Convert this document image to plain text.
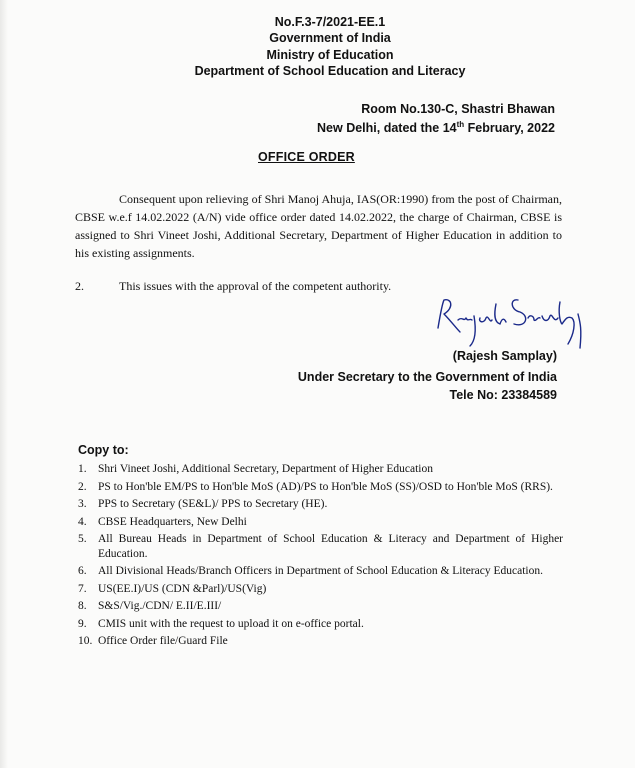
No.F.3-7/2021-EE.1
Government of India
Ministry of Education
Department of School Education and Literacy
Room No.130-C, Shastri Bhawan
New Delhi, dated the 14th February, 2022
OFFICE ORDER
Consequent upon relieving of Shri Manoj Ahuja, IAS(OR:1990) from the post of Chairman, CBSE w.e.f 14.02.2022 (A/N) vide office order dated 14.02.2022, the charge of Chairman, CBSE is assigned to Shri Vineet Joshi, Additional Secretary, Department of Higher Education in addition to his existing assignments.
2.	This issues with the approval of the competent authority.
(Rajesh Samplay)
Under Secretary to the Government of India
Tele No: 23384589
Copy to:
1. Shri Vineet Joshi, Additional Secretary, Department of Higher Education
2. PS to Hon'ble EM/PS to Hon'ble MoS (AD)/PS to Hon'ble MoS (SS)/OSD to Hon'ble MoS (RRS).
3. PPS to Secretary (SE&L)/ PPS to Secretary (HE).
4. CBSE Headquarters, New Delhi
5. All Bureau Heads in Department of School Education & Literacy and Department of Higher Education.
6. All Divisional Heads/Branch Officers in Department of School Education & Literacy Education.
7. US(EE.I)/US (CDN &Parl)/US(Vig)
8. S&S/Vig./CDN/ E.II/E.III/
9. CMIS unit with the request to upload it on e-office portal.
10. Office Order file/Guard File
